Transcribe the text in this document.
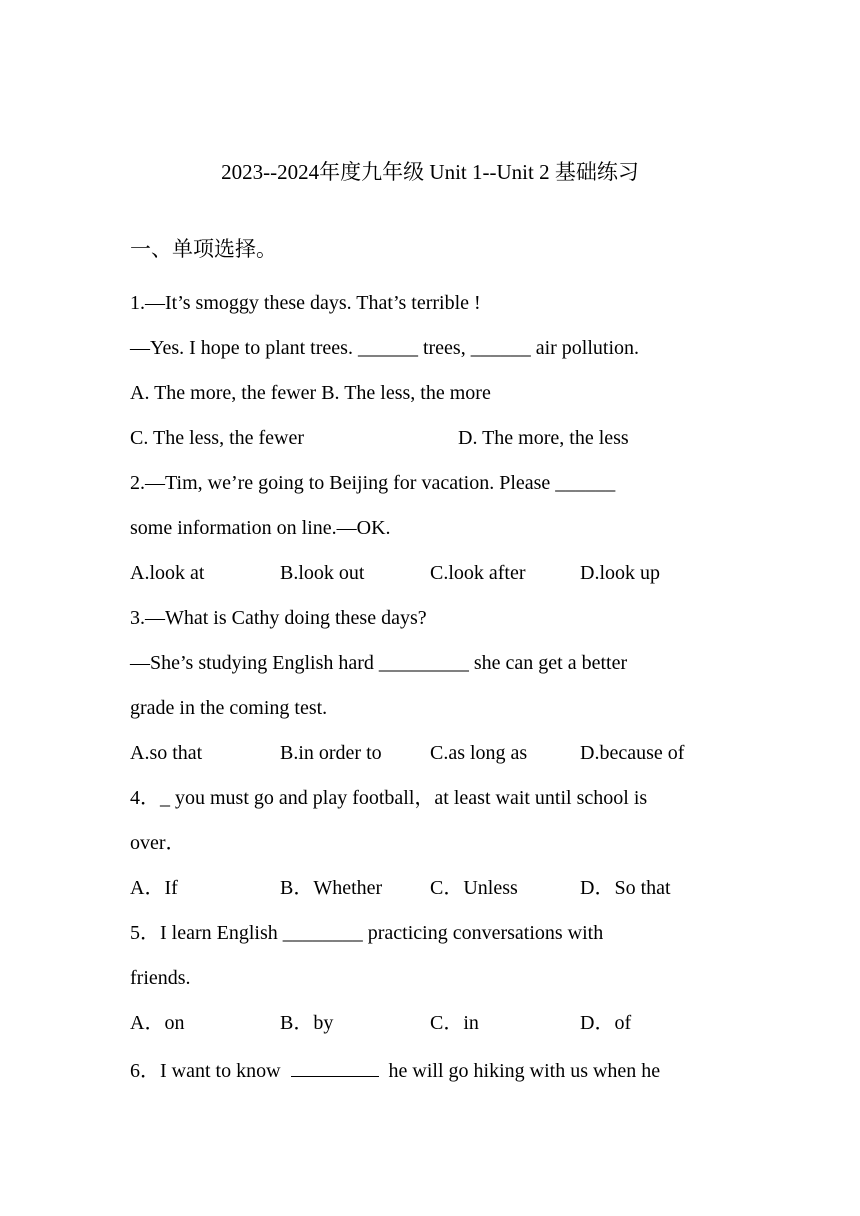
2023--2024年度九年级 Unit 1--Unit 2 基础练习
一、单项选择。
1.—It’s smoggy these days. That’s terrible !
—Yes. I hope to plant trees. ______ trees, ______ air pollution.
A. The more, the fewer B. The less, the more
C. The less, the fewer	D. The more, the less
2.—Tim, we’re going to Beijing for vacation. Please ______
some information on line.—OK.
A.look at	B.look out	C.look after	D.look up
3.—What is Cathy doing these days?
—She’s studying English hard _________ she can get a better
grade in the coming test.
A.so that	B.in order to C.as long as	D.because of
4．_ you must go and play football，at least wait until school is
over．
A．If	B．Whether C．Unless	D．So that
5．I learn English ________ practicing conversations with
friends.
A．on	B．by	C．in	D．of
6．I want to know	he will go hiking with us when he
